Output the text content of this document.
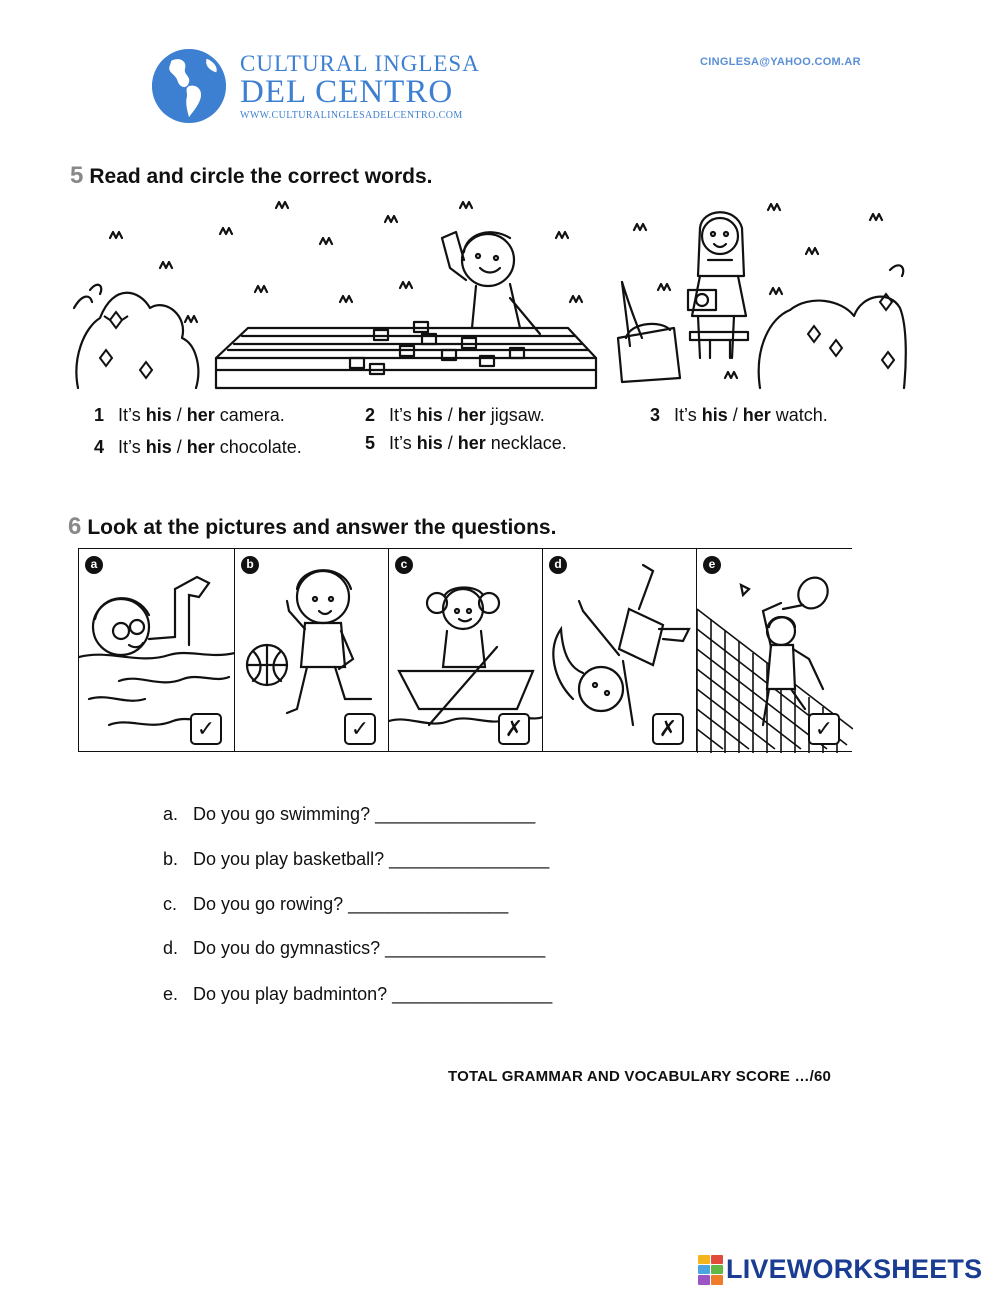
CULTURAL INGLESA
DEL CENTRO
WWW.CULTURALINGLESADELCENTRO.COM
CINGLESA@YAHOO.COM.AR
5 Read and circle the correct words.
1 It’s his / her camera.	2 It’s his / her jigsaw.	3 It’s his / her watch.
4 It’s his / her chocolate.	5 It’s his / her necklace.
6 Look at the pictures and answer the questions.
a
✓
b
✓
c
✗
d
✗
e
✓
a. Do you go swimming? ________________
b. Do you play basketball? ________________
c. Do you go rowing? ________________
d. Do you do gymnastics? ________________
e. Do you play badminton? ________________
TOTAL GRAMMAR AND VOCABULARY SCORE …/60
LIVEWORKSHEETS
